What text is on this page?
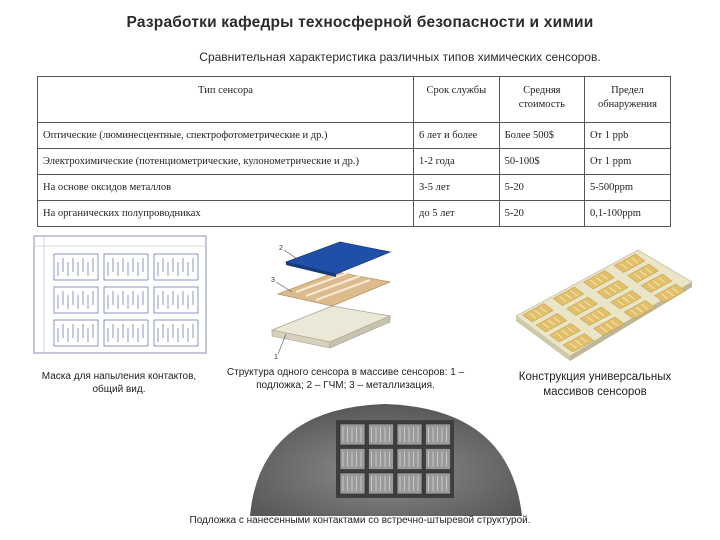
Разработки кафедры техносферной безопасности и химии
Сравнительная характеристика различных типов химических сенсоров.
Тип сенсора	Срок службы	Средняя стоимость	Предел обнаружения
Оптические (люминесцентные, спектрофотометрические и др.)	6 лет и более	Более 500$	От 1 ppb
Электрохимические (потенциометрические, кулонометрические и др.)	1-2 года	50-100$	От 1 ppm
На основе оксидов металлов	3-5 лет	5-20	5-500ppm
На органических полупроводниках	до 5 лет	5-20	0,1-100ppm
Маска для напыления контактов, общий вид.
2
3
1
Структура одного сенсора в массиве сенсоров: 1 – подложка; 2 – ГЧМ; 3 – металлизация.
Конструкция универсальных массивов сенсоров
Подложка с нанесенными контактами со встречно-штыревой структурой.
